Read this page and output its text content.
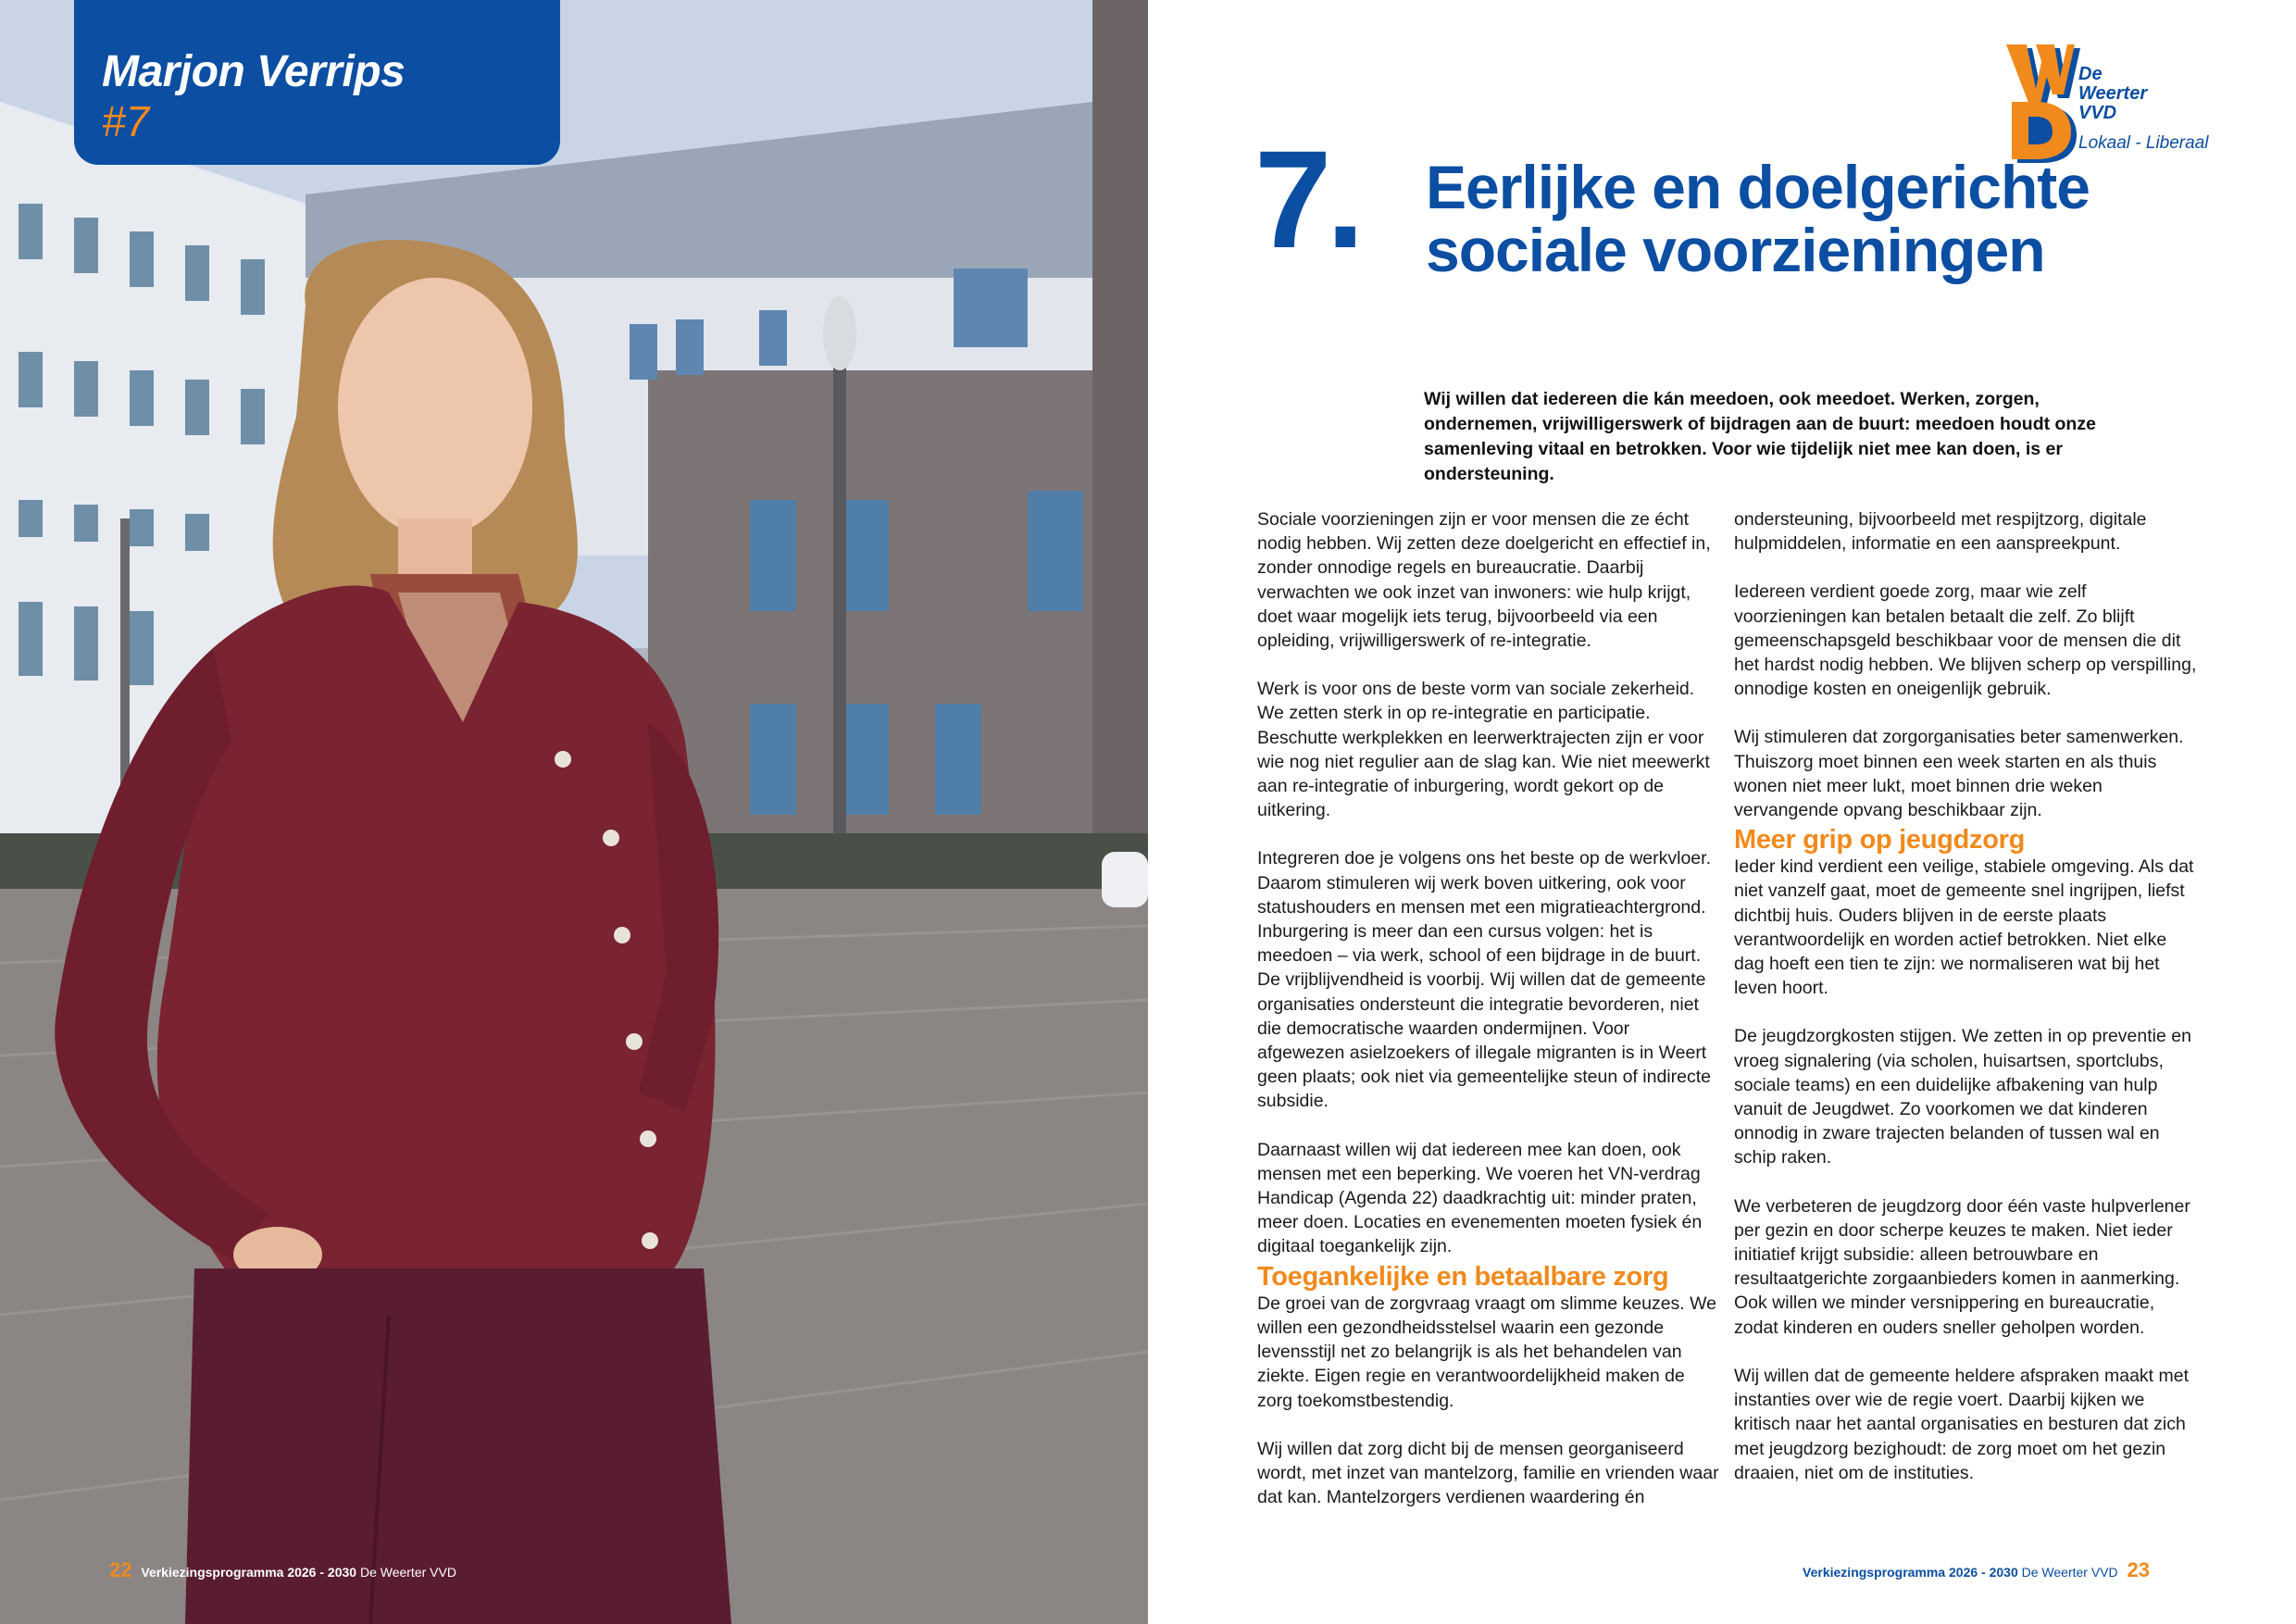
Marjon Verrips
#7
22 Verkiezingsprogramma 2026 - 2030 De Weerter VVD
De
Weerter
VVD
Lokaal - Liberaal
7. Eerlijke en doelgerichte sociale voorzieningen
Wij willen dat iedereen die kán meedoen, ook meedoet. Werken, zorgen, ondernemen, vrijwilligerswerk of bijdragen aan de buurt: meedoen houdt onze samenleving vitaal en betrokken. Voor wie tijdelijk niet mee kan doen, is er ondersteuning.

Sociale voorzieningen zijn er voor mensen die ze écht nodig hebben. Wij zetten deze doelgericht en effectief in, zonder onnodige regels en bureaucratie. Daarbij verwachten we ook inzet van inwoners: wie hulp krijgt, doet waar mogelijk iets terug, bijvoorbeeld via een opleiding, vrijwilligerswerk of re-integratie.

Werk is voor ons de beste vorm van sociale zekerheid. We zetten sterk in op re-integratie en participatie. Beschutte werkplekken en leerwerktrajecten zijn er voor wie nog niet regulier aan de slag kan. Wie niet meewerkt aan re-integratie of inburgering, wordt gekort op de uitkering.

Integreren doe je volgens ons het beste op de werkvloer. Daarom stimuleren wij werk boven uitkering, ook voor statushouders en mensen met een migratieachtergrond. Inburgering is meer dan een cursus volgen: het is meedoen – via werk, school of een bijdrage in de buurt. De vrijblijvendheid is voorbij. Wij willen dat de gemeente organisaties ondersteunt die integratie bevorderen, niet die democratische waarden ondermijnen. Voor afgewezen asielzoekers of illegale migranten is in Weert geen plaats; ook niet via gemeentelijke steun of indirecte subsidie.

Daarnaast willen wij dat iedereen mee kan doen, ook mensen met een beperking. We voeren het VN-verdrag Handicap (Agenda 22) daadkrachtig uit: minder praten, meer doen. Locaties en evenementen moeten fysiek én digitaal toegankelijk zijn.

Toegankelijke en betaalbare zorg

De groei van de zorgvraag vraagt om slimme keuzes. We willen een gezondheidsstelsel waarin een gezonde levensstijl net zo belangrijk is als het behandelen van ziekte. Eigen regie en verantwoordelijkheid maken de zorg toekomstbestendig.

Wij willen dat zorg dicht bij de mensen georganiseerd wordt, met inzet van mantelzorg, familie en vrienden waar dat kan. Mantelzorgers verdienen waardering én

ondersteuning, bijvoorbeeld met respijtzorg, digitale hulpmiddelen, informatie en een aanspreekpunt.

Iedereen verdient goede zorg, maar wie zelf voorzieningen kan betalen betaalt die zelf. Zo blijft gemeenschapsgeld beschikbaar voor de mensen die dit het hardst nodig hebben. We blijven scherp op verspilling, onnodige kosten en oneigenlijk gebruik.

Wij stimuleren dat zorgorganisaties beter samenwerken. Thuiszorg moet binnen een week starten en als thuis wonen niet meer lukt, moet binnen drie weken vervangende opvang beschikbaar zijn.

Meer grip op jeugdzorg

Ieder kind verdient een veilige, stabiele omgeving. Als dat niet vanzelf gaat, moet de gemeente snel ingrijpen, liefst dichtbij huis. Ouders blijven in de eerste plaats verantwoordelijk en worden actief betrokken. Niet elke dag hoeft een tien te zijn: we normaliseren wat bij het leven hoort.

De jeugdzorgkosten stijgen. We zetten in op preventie en vroeg signalering (via scholen, huisartsen, sportclubs, sociale teams) en een duidelijke afbakening van hulp vanuit de Jeugdwet. Zo voorkomen we dat kinderen onnodig in zware trajecten belanden of tussen wal en schip raken.

We verbeteren de jeugdzorg door één vaste hulpverlener per gezin en door scherpe keuzes te maken. Niet ieder initiatief krijgt subsidie: alleen betrouwbare en resultaatgerichte zorgaanbieders komen in aanmerking. Ook willen we minder versnippering en bureaucratie, zodat kinderen en ouders sneller geholpen worden.

Wij willen dat de gemeente heldere afspraken maakt met instanties over wie de regie voert. Daarbij kijken we kritisch naar het aantal organisaties en besturen dat zich met jeugdzorg bezighoudt: de zorg moet om het gezin draaien, niet om de instituties.

Verkiezingsprogramma 2026 - 2030 De Weerter VVD 23
